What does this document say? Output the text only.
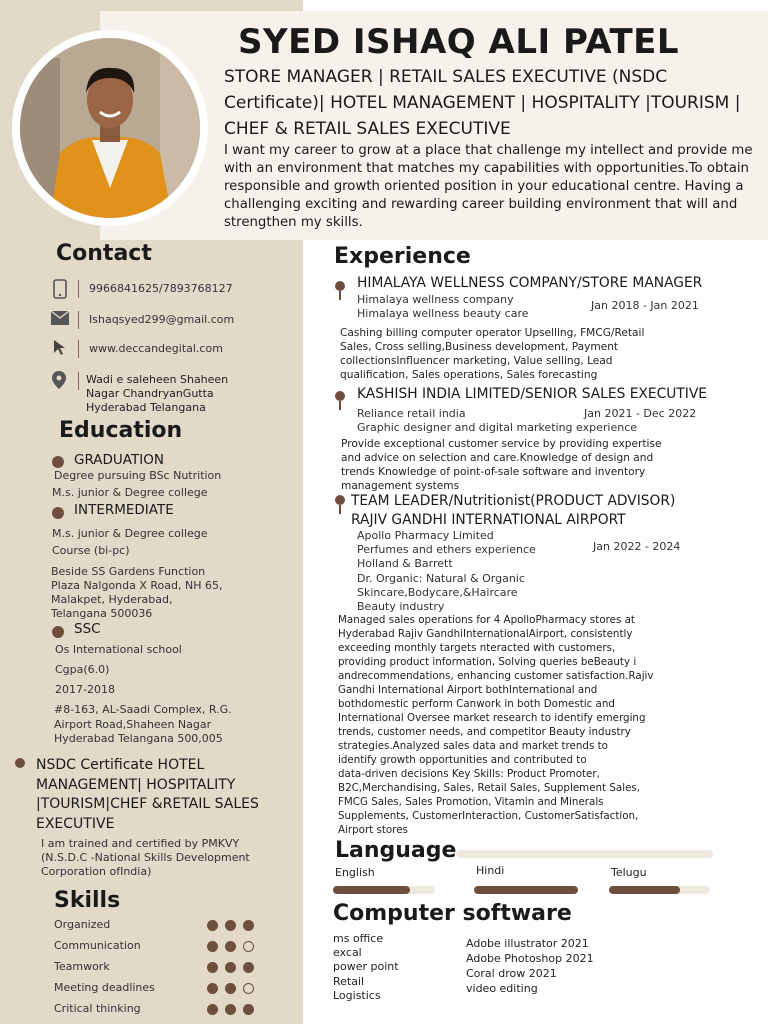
SYED ISHAQ ALI PATEL
STORE MANAGER | RETAIL SALES EXECUTIVE (NSDC Certificate)| HOTEL MANAGEMENT | HOSPITALITY |TOURISM | CHEF & RETAIL SALES EXECUTIVE
I want my career to grow at a place that challenge my intellect and provide me with an environment that matches my capabilities with opportunities.To obtain responsible and growth oriented position in your educational centre. Having a challenging exciting and rewarding career building environment that will and strengthen my skills.
Contact
9966841625/7893768127
Ishaqsyed299@gmail.com
www.deccandegital.com
Wadi e saleheen Shaheen
Nagar ChandryanGutta
Hyderabad Telangana
Education
GRADUATION
Degree pursuing BSc Nutrition
M.s. junior & Degree college
INTERMEDIATE
M.s. junior & Degree college
Course (bi-pc)
Beside SS Gardens Function
Plaza Nalgonda X Road, NH 65,
Malakpet, Hyderabad,
Telangana 500036
SSC
Os International school
Cgpa(6.0)
2017-2018
#8-163, AL-Saadi Complex, R.G.
Airport Road,Shaheen Nagar
Hyderabad Telangana 500,005
NSDC Certificate HOTEL
MANAGEMENT| HOSPITALITY
|TOURISM|CHEF &RETAIL SALES
EXECUTIVE
I am trained and certified by PMKVY
(N.S.D.C -National Skills Development
Corporation ofIndia)
Skills
Organized
Communication
Teamwork
Meeting deadlines
Critical thinking
Experience
HIMALAYA WELLNESS COMPANY/STORE MANAGER
Himalaya wellness company
Himalaya wellness beauty care
Jan 2018 - Jan 2021
Cashing billing computer operator Upselling, FMCG/Retail
Sales, Cross selling,Business development, Payment
collectionsInfluencer marketing, Value selling, Lead
qualification, Sales operations, Sales forecasting
KASHISH INDIA LIMITED/SENIOR SALES EXECUTIVE
Reliance retail india
Graphic designer and digital marketing experience
Jan 2021 - Dec 2022
Provide exceptional customer service by providing expertise
and advice on selection and care.Knowledge of design and
trends Knowledge of point-of-sale software and inventory
management systems
TEAM LEADER/Nutritionist(PRODUCT ADVISOR)
RAJIV GANDHI INTERNATIONAL AIRPORT
Apollo Pharmacy Limited
Perfumes and ethers experience
Holland & Barrett
Dr. Organic: Natural & Organic
Skincare,Bodycare,&Haircare
Beauty industry
Jan 2022 - 2024
Managed sales operations for 4 ApolloPharmacy stores at
Hyderabad Rajiv GandhiInternationalAirport, consistently
exceeding monthly targets nteracted with customers,
providing product information, Solving queries beBeauty i
andrecommendations, enhancing customer satisfaction.Rajiv
Gandhi International Airport bothInternational and
bothdomestic perform Canwork in both Domestic and
International Oversee market research to identify emerging
trends, customer needs, and competitor Beauty industry
strategies.Analyzed sales data and market trends to
identify growth opportunities and contributed to
data-driven decisions Key Skills: Product Promoter,
B2C,Merchandising, Sales, Retail Sales, Supplement Sales,
FMCG Sales, Sales Promotion, Vitamin and Minerals
Supplements, CustomerInteraction, CustomerSatisfaction,
Airport stores
Language
English	Hindi	Telugu
Computer software
ms office
excal
power point
Retail
Logistics
Adobe illustrator 2021
Adobe Photoshop 2021
Coral drow 2021
video editing
